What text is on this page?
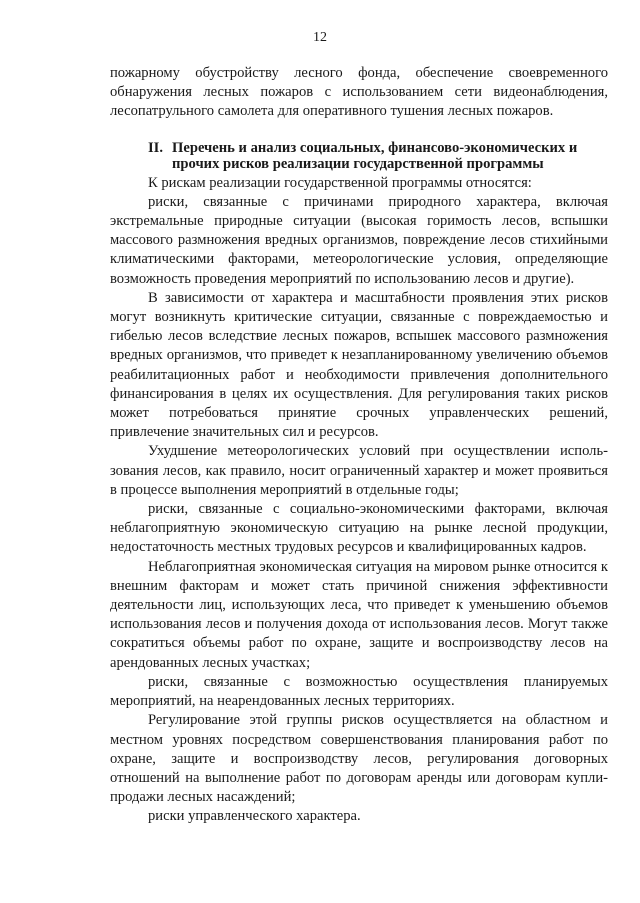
12

пожарному обустройству лесного фонда, обеспечение своевременного обнаружения лесных пожаров с использованием сети видеонаблюдения, лесопатрульного самолета для оперативного тушения лесных пожаров.

II. Перечень и анализ социальных, финансово-экономических и
прочих рисков реализации государственной программы

К рискам реализации государственной программы относятся:

риски, связанные с причинами природного характера, включая экстремальные природные ситуации (высокая горимость лесов, вспышки массового размножения вредных организмов, повреждение лесов стихийными климатическими факторами, метеорологические условия, определяющие возможность проведения мероприятий по использованию лесов и другие).

В зависимости от характера и масштабности проявления этих рисков могут возникнуть критические ситуации, связанные с повреждаемостью и гибелью лесов вследствие лесных пожаров, вспышек массового размножения вредных организмов, что приведет к незапланированному увеличению объемов реабилитационных работ и необходимости привлечения дополнительного финансирования в целях их осуществления. Для регулирования таких рисков может потребоваться принятие срочных управленческих решений, привлечение значительных сил и ресурсов.

Ухудшение метеорологических условий при осуществлении использования лесов, как правило, носит ограниченный характер и может проявиться в процессе выполнения мероприятий в отдельные годы;

риски, связанные с социально-экономическими факторами, включая неблагоприятную экономическую ситуацию на рынке лесной продукции, недостаточность местных трудовых ресурсов и квалифицированных кадров.

Неблагоприятная экономическая ситуация на мировом рынке относится к внешним факторам и может стать причиной снижения эффективности деятельности лиц, использующих леса, что приведет к уменьшению объемов использования лесов и получения дохода от использования лесов. Могут также сократиться объемы работ по охране, защите и воспроизводству лесов на арендованных лесных участках;

риски, связанные с возможностью осуществления планируемых мероприятий, на неарендованных лесных территориях.

Регулирование этой группы рисков осуществляется на областном и местном уровнях посредством совершенствования планирования работ по охране, защите и воспроизводству лесов, регулирования договорных отношений на выполнение работ по договорам аренды или договорам купли-продажи лесных насаждений;

риски управленческого характера.
